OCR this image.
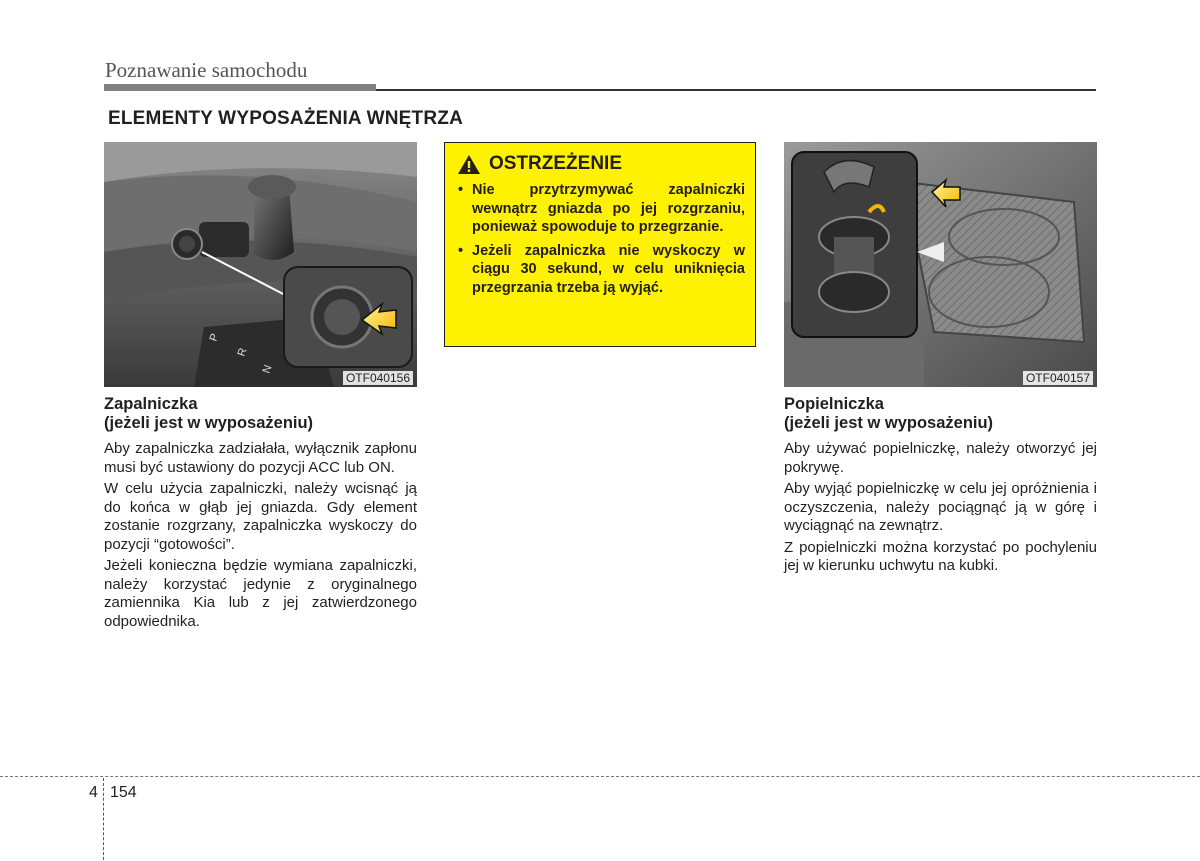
Poznawanie samochodu
ELEMENTY WYPOSAŻENIA WNĘTRZA
P
R
N
OTF040156
OSTRZEŻENIE
• Nie przytrzymywać zapalniczki wewnątrz gniazda po jej rozgrzaniu, ponieważ spowoduje to przegrzanie.
• Jeżeli zapalniczka nie wyskoczy w ciągu 30 sekund, w celu uniknięcia przegrzania trzeba ją wyjąć.
OTF040157
Zapalniczka
(jeżeli jest w wyposażeniu)

Aby zapalniczka zadziałała, wyłącznik zapłonu musi być ustawiony do pozycji ACC lub ON.

W celu użycia zapalniczki, należy wcisnąć ją do końca w głąb jej gniazda. Gdy element zostanie rozgrzany, zapalniczka wyskoczy do pozycji “gotowości”.

Jeżeli konieczna będzie wymiana zapalniczki, należy korzystać jedynie z oryginalnego zamiennika Kia lub z jej zatwierdzonego odpowiednika.

Popielniczka
(jeżeli jest w wyposażeniu)

Aby używać popielniczkę, należy otworzyć jej pokrywę.

Aby wyjąć popielniczkę w celu jej opróżnienia i oczyszczenia, należy pociągnąć ją w górę i wyciągnąć na zewnątrz.

Z popielniczki można korzystać po pochyleniu jej w kierunku uchwytu na kubki.

4 154
